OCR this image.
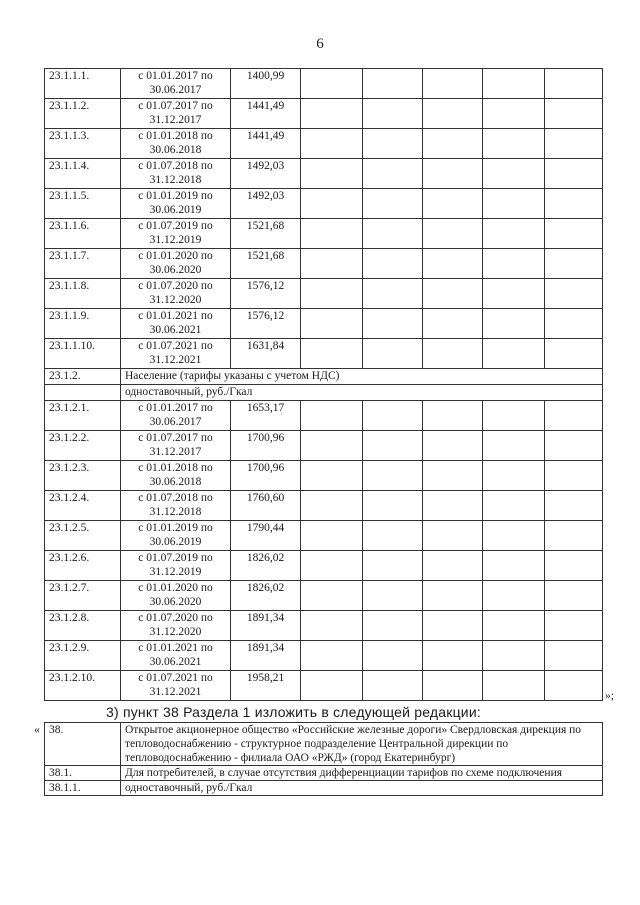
6
23.1.1.1.	с 01.01.2017 по 30.06.2017	1400,99					
23.1.1.2.	с 01.07.2017 по 31.12.2017	1441,49					
23.1.1.3.	с 01.01.2018 по 30.06.2018	1441,49					
23.1.1.4.	с 01.07.2018 по 31.12.2018	1492,03					
23.1.1.5.	с 01.01.2019 по 30.06.2019	1492,03					
23.1.1.6.	с 01.07.2019 по 31.12.2019	1521,68					
23.1.1.7.	с 01.01.2020 по 30.06.2020	1521,68					
23.1.1.8.	с 01.07.2020 по 31.12.2020	1576,12					
23.1.1.9.	с 01.01.2021 по 30.06.2021	1576,12					
23.1.1.10.	с 01.07.2021 по 31.12.2021	1631,84					
23.1.2.	Население (тарифы указаны с учетом НДС)						
	одноставочный, руб./Гкал						
23.1.2.1.	с 01.01.2017 по 30.06.2017	1653,17					
23.1.2.2.	с 01.07.2017 по 31.12.2017	1700,96					
23.1.2.3.	с 01.01.2018 по 30.06.2018	1700,96					
23.1.2.4.	с 01.07.2018 по 31.12.2018	1760,60					
23.1.2.5.	с 01.01.2019 по 30.06.2019	1790,44					
23.1.2.6.	с 01.07.2019 по 31.12.2019	1826,02					
23.1.2.7.	с 01.01.2020 по 30.06.2020	1826,02					
23.1.2.8.	с 01.07.2020 по 31.12.2020	1891,34					
23.1.2.9.	с 01.01.2021 по 30.06.2021	1891,34					
23.1.2.10.	с 01.07.2021 по 31.12.2021	1958,21					
»;
3) пункт 38 Раздела 1 изложить в следующей редакции:
« 38.	Открытое акционерное общество «Российские железные дороги» Свердловская дирекция по тепловодоснабжению - структурное подразделение Центральной дирекции по тепловодоснабжению - филиала ОАО «РЖД» (город Екатеринбург)
38.1.	Для потребителей, в случае отсутствия дифференциации тарифов по схеме подключения
38.1.1.	одноставочный, руб./Гкал
